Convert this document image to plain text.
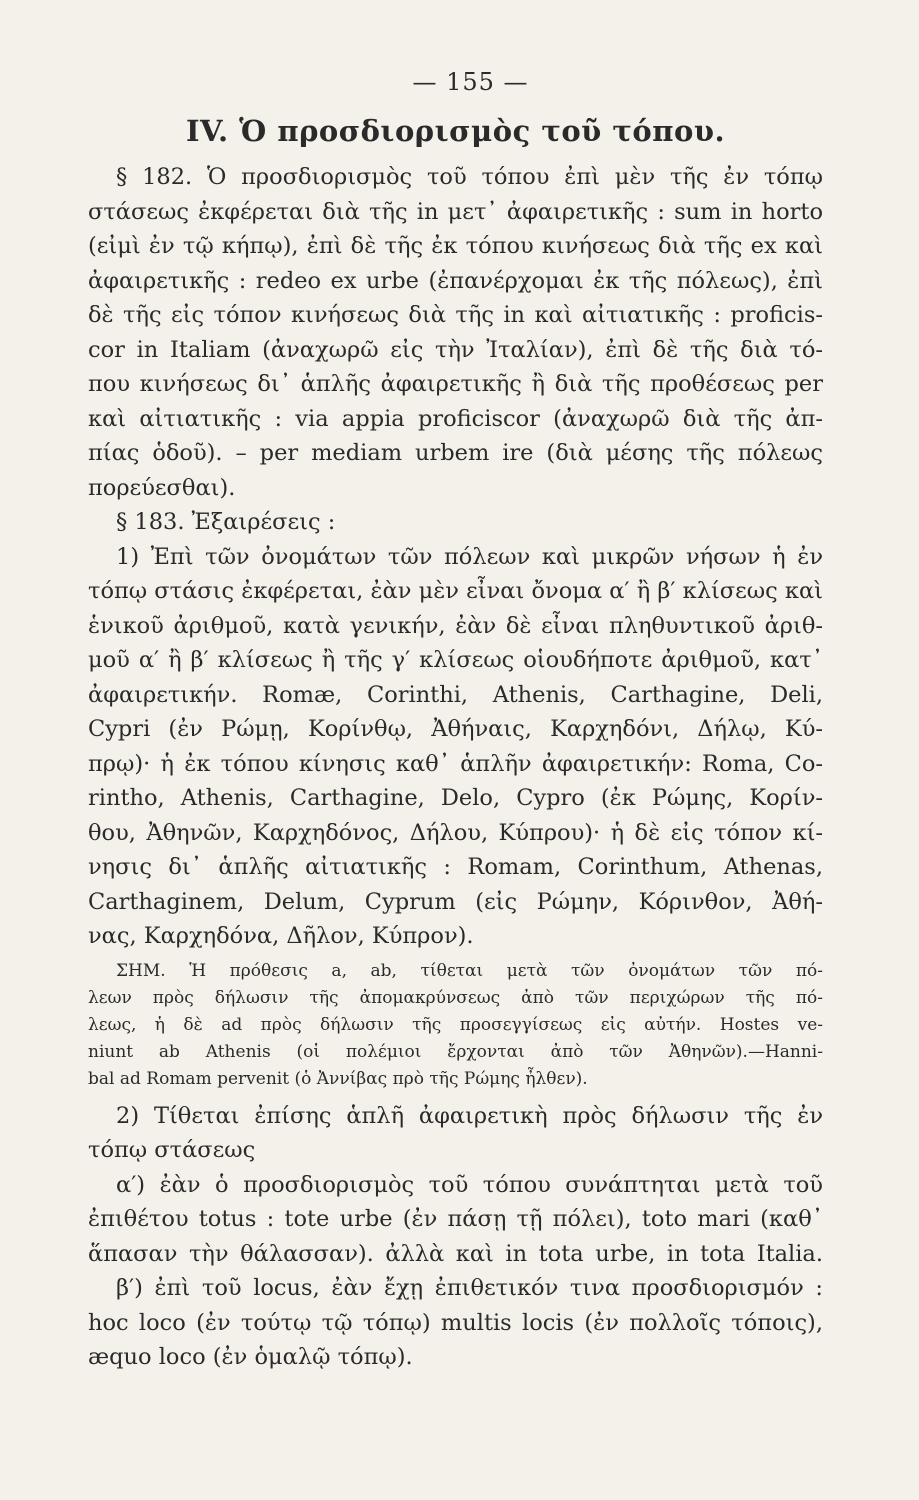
— 155 —
IV. Ὁ προσδιορισμὸς τοῦ τόπου.

§ 182. Ὁ προσδιορισμὸς τοῦ τόπου ἐπὶ μὲν τῆς ἐν τόπῳ
στάσεως ἐκφέρεται διὰ τῆς in μετ᾽ ἀφαιρετικῆς : sum in horto
(εἰμὶ ἐν τῷ κήπῳ), ἐπὶ δὲ τῆς ἐκ τόπου κινήσεως διὰ τῆς ex καὶ
ἀφαιρετικῆς : redeo ex urbe (ἐπανέρχομαι ἐκ τῆς πόλεως), ἐπὶ
δὲ τῆς εἰς τόπον κινήσεως διὰ τῆς in καὶ αἰτιατικῆς : proficis-
cor in Italiam (ἀναχωρῶ εἰς τὴν Ἰταλίαν), ἐπὶ δὲ τῆς διὰ τό-
που κινήσεως δι᾽ ἁπλῆς ἀφαιρετικῆς ἢ διὰ τῆς προθέσεως per
καὶ αἰτιατικῆς : via appia proficiscor (ἀναχωρῶ διὰ τῆς ἀπ-
πίας ὁδοῦ). – per mediam urbem ire (διὰ μέσης τῆς πόλεως
πορεύεσθαι).

§ 183. Ἐξαιρέσεις :

1) Ἐπὶ τῶν ὀνομάτων τῶν πόλεων καὶ μικρῶν νήσων ἡ ἐν
τόπῳ στάσις ἐκφέρεται, ἐὰν μὲν εἶναι ὄνομα α′ ἢ β′ κλίσεως καὶ
ἑνικοῦ ἀριθμοῦ, κατὰ γενικήν, ἐὰν δὲ εἶναι πληθυντικοῦ ἀριθ-
μοῦ α′ ἢ β′ κλίσεως ἢ τῆς γ′ κλίσεως οἱουδήποτε ἀριθμοῦ, κατ᾽
ἀφαιρετικήν. Romæ, Corinthi, Athenis, Carthagine, Deli,
Cypri (ἐν Ρώμῃ, Κορίνθῳ, Ἀθήναις, Καρχηδόνι, Δήλῳ, Κύ-
πρῳ)· ἡ ἐκ τόπου κίνησις καθ᾽ ἁπλῆν ἀφαιρετικήν: Roma, Co-
rintho, Athenis, Carthagine, Delo, Cypro (ἐκ Ρώμης, Κορίν-
θου, Ἀθηνῶν, Καρχηδόνος, Δήλου, Κύπρου)· ἡ δὲ εἰς τόπον κί-
νησις δι᾽ ἁπλῆς αἰτιατικῆς : Romam, Corinthum, Athenas,
Carthaginem, Delum, Cyprum (εἰς Ρώμην, Κόρινθον, Ἀθή-
νας, Καρχηδόνα, Δῆλον, Κύπρον).

ΣΗΜ. Ἡ πρόθεσις a, ab, τίθεται μετὰ τῶν ὀνομάτων τῶν πό-
λεων πρὸς δήλωσιν τῆς ἀπομακρύνσεως ἀπὸ τῶν περιχώρων τῆς πό-
λεως, ἡ δὲ ad πρὸς δήλωσιν τῆς προσεγγίσεως εἰς αὐτήν. Hostes ve-
niunt ab Athenis (οἱ πολέμιοι ἔρχονται ἀπὸ τῶν Ἀθηνῶν).—Hanni-
bal ad Romam pervenit (ὁ Ἀννίβας πρὸ τῆς Ρώμης ἦλθεν).

2) Τίθεται ἐπίσης ἁπλῆ ἀφαιρετικὴ πρὸς δήλωσιν τῆς ἐν
τόπῳ στάσεως

α′) ἐὰν ὁ προσδιορισμὸς τοῦ τόπου συνάπτηται μετὰ τοῦ
ἐπιθέτου totus : tote urbe (ἐν πάσῃ τῇ πόλει), toto mari (καθ᾽
ἅπασαν τὴν θάλασσαν). ἀλλὰ καὶ in tota urbe, in tota Italia.

β′) ἐπὶ τοῦ locus, ἐὰν ἔχῃ ἐπιθετικόν τινα προσδιορισμόν :
hoc loco (ἐν τούτῳ τῷ τόπῳ) multis locis (ἐν πολλοῖς τόποις),
æquo loco (ἐν ὁμαλῷ τόπῳ).
